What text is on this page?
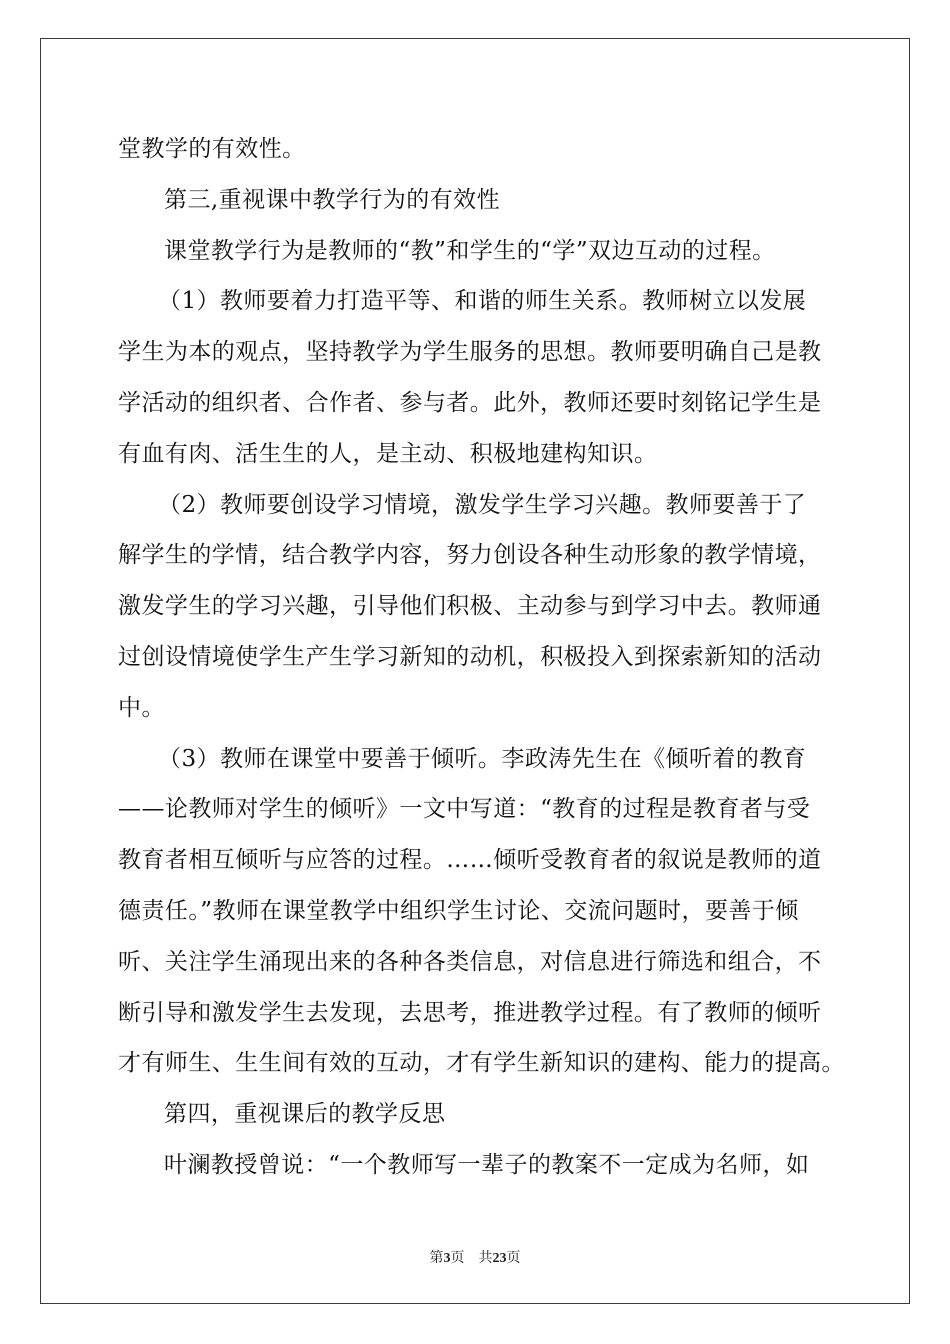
堂教学的有效性。
第三,重视课中教学行为的有效性
课堂教学行为是教师的“教”和学生的“学”双边互动的过程。
（1）教师要着力打造平等、和谐的师生关系。教师树立以发展
学生为本的观点，坚持教学为学生服务的思想。教师要明确自己是教
学活动的组织者、合作者、参与者。此外，教师还要时刻铭记学生是
有血有肉、活生生的人，是主动、积极地建构知识。
（2）教师要创设学习情境，激发学生学习兴趣。教师要善于了
解学生的学情，结合教学内容，努力创设各种生动形象的教学情境，
激发学生的学习兴趣，引导他们积极、主动参与到学习中去。教师通
过创设情境使学生产生学习新知的动机，积极投入到探索新知的活动
中。
（3）教师在课堂中要善于倾听。李政涛先生在《倾听着的教育
——论教师对学生的倾听》一文中写道：“教育的过程是教育者与受
教育者相互倾听与应答的过程。……倾听受教育者的叙说是教师的道
德责任。”教师在课堂教学中组织学生讨论、交流问题时，要善于倾
听、关注学生涌现出来的各种各类信息，对信息进行筛选和组合，不
断引导和激发学生去发现，去思考，推进教学过程。有了教师的倾听
才有师生、生生间有效的互动，才有学生新知识的建构、能力的提高。
第四，重视课后的教学反思
叶澜教授曾说：“一个教师写一辈子的教案不一定成为名师，如
第3页 共23页
